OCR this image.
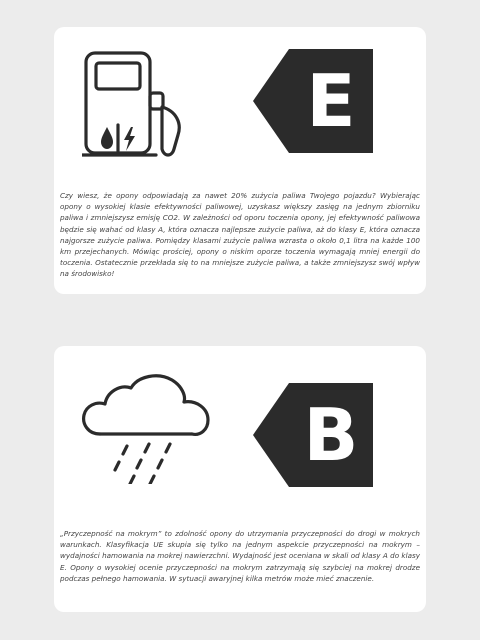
E

Czy wiesz, że opony odpowiadają za nawet 20% zużycia paliwa Twojego pojazdu? Wybierając opony o wysokiej klasie efektywności paliwowej, uzyskasz większy zasięg na jednym zbiorniku paliwa i zmniejszysz emisję CO2. W zależności od oporu toczenia opony, jej efektywność paliwowa będzie się wahać od klasy A, która oznacza najlepsze zużycie paliwa, aż do klasy E, która oznacza najgorsze zużycie paliwa. Pomiędzy klasami zużycie paliwa wzrasta o około 0,1 litra na każde 100 km przejechanych. Mówiąc prościej, opony o niskim oporze toczenia wymagają mniej energii do toczenia. Ostatecznie przekłada się to na mniejsze zużycie paliwa, a także zmniejszysz swój wpływ na środowisko!

B

„Przyczepność na mokrym” to zdolność opony do utrzymania przyczepności do drogi w mokrych warunkach. Klasyfikacja UE skupia się tylko na jednym aspekcie przyczepności na mokrym – wydajności hamowania na mokrej nawierzchni. Wydajność jest oceniana w skali od klasy A do klasy E. Opony o wysokiej ocenie przyczepności na mokrym zatrzymają się szybciej na mokrej drodze podczas pełnego hamowania. W sytuacji awaryjnej kilka metrów może mieć znaczenie.
